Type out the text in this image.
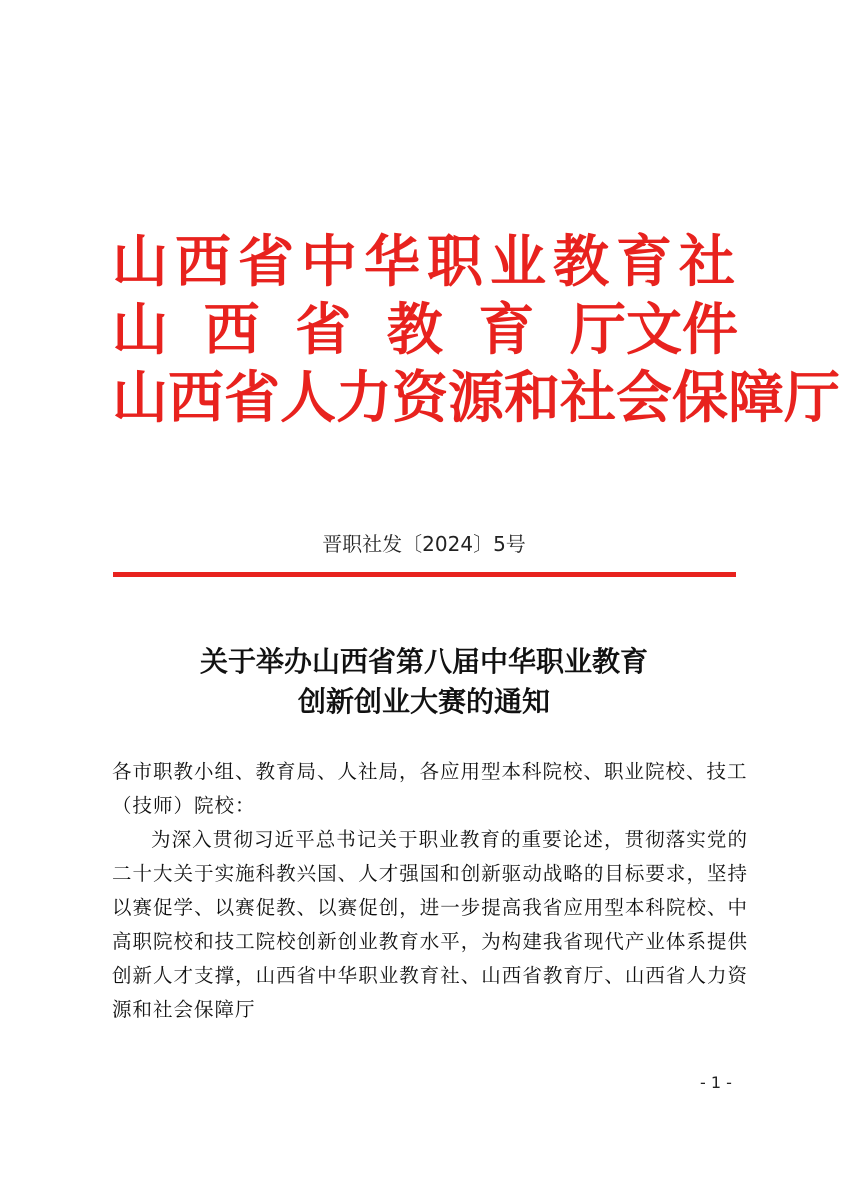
山西省中华职业教育社
山 西 省 教 育 厅文件
山西省人力资源和社会保障厅
晋职社发〔2024〕5号
关于举办山西省第八届中华职业教育
创新创业大赛的通知

各市职教小组、教育局、人社局，各应用型本科院校、职业院校、技工（技师）院校：

为深入贯彻习近平总书记关于职业教育的重要论述，贯彻落实党的二十大关于实施科教兴国、人才强国和创新驱动战略的目标要求，坚持以赛促学、以赛促教、以赛促创，进一步提高我省应用型本科院校、中高职院校和技工院校创新创业教育水平，为构建我省现代产业体系提供创新人才支撑，山西省中华职业教育社、山西省教育厅、山西省人力资源和社会保障厅

- 1 -
